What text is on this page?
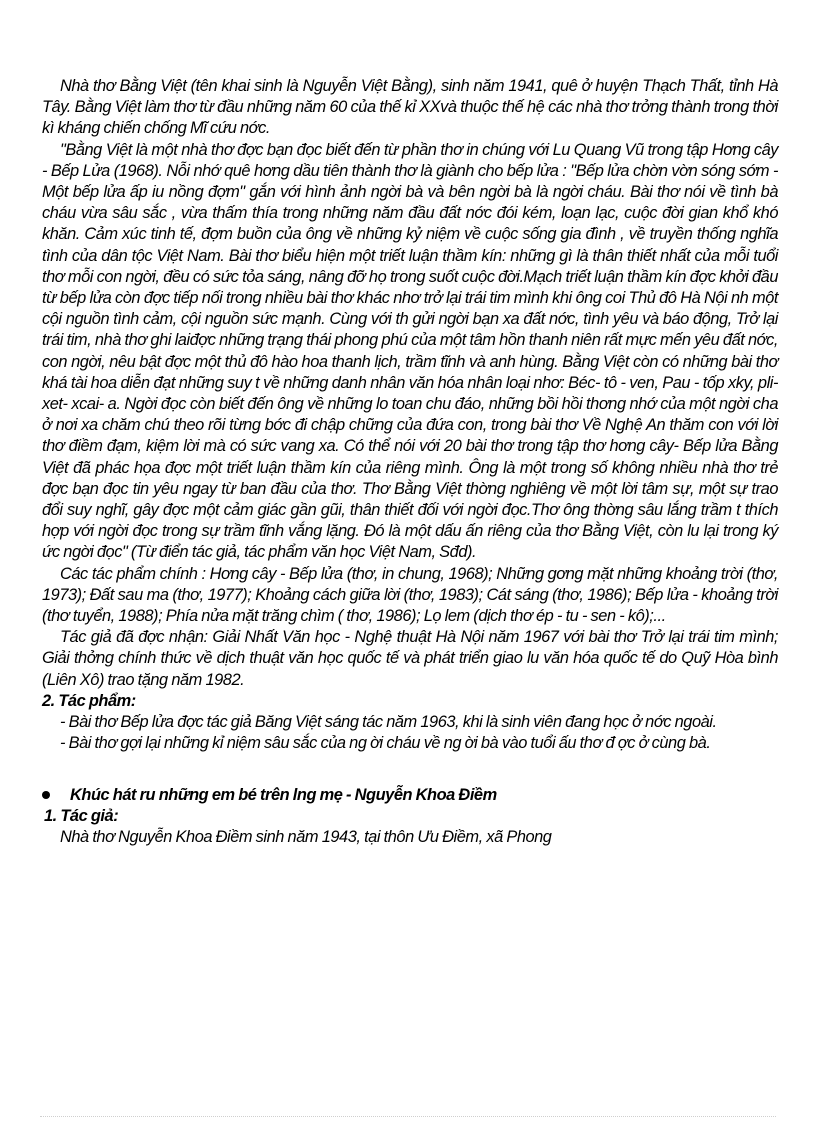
Nhà thơ Bằng Việt (tên khai sinh là Nguyễn Việt Bằng), sinh năm 1941, quê ở huyện Thạch Thất, tỉnh Hà Tây. Bằng Việt làm thơ từ đầu những năm 60 của thế kỉ XXvà thuộc thế hệ các nhà thơ trởng thành trong thời kì kháng chiến chống Mĩ cứu nớc.

"Bằng Việt là một nhà thơ đợc bạn đọc biết đến từ phần thơ in chúng với Lu Quang Vũ trong tập Hơng cây - Bếp Lửa (1968). Nỗi nhớ quê hơng dầu tiên thành thơ là giành cho bếp lửa : "Bếp lửa chờn vờn sóng sớm - Một bếp lửa ấp iu nồng đợm" gắn với hình ảnh ngời bà và bên ngời bà là ngời cháu. Bài thơ nói về tình bà cháu vừa sâu sắc , vừa thấm thía trong những năm đầu đất nớc đói kém, loạn lạc, cuộc đời gian khổ khó khăn. Cảm xúc tinh tế, đợm buồn của ông về những kỷ niệm về cuộc sống gia đình , về truyền thống nghĩa tình của dân tộc Việt Nam. Bài thơ biểu hiện một triết luận thầm kín: những gì là thân thiết nhất của mỗi tuổi thơ mỗi con ngời, đều có sức tỏa sáng, nâng đỡ họ trong suốt cuộc đời.Mạch triết luận thầm kín đợc khởi đầu từ bếp lửa còn đợc tiếp nối trong nhiều bài thơ khác nhơ trở lại trái tim mình khi ông coi Thủ đô Hà Nội nh một cội nguồn tình cảm, cội nguồn sức mạnh. Cùng với th gửi ngời bạn xa đất nớc, tình yêu và báo động, Trở lại trái tim, nhà thơ ghi laiđợc những trạng thái phong phú của một tâm hồn thanh niên rất mực mến yêu đất nớc, con ngời, nêu bật đợc một thủ đô hào hoa thanh lịch, trầm tĩnh và anh hùng. Bằng Việt còn có những bài thơ khá tài hoa diễn đạt những suy t về những danh nhân văn hóa nhân loại nhơ: Béc- tô - ven, Pau - tốp xky, pli- xet- xcai- a. Ngời đọc còn biết đến ông về những lo toan chu đáo, những bồi hồi thơng nhớ của một ngời cha ở nơi xa chăm chú theo rõi từng bớc đi chập chững của đứa con, trong bài thơ Về Nghệ An thăm con với lời thơ điềm đạm, kiệm lời mà có sức vang xa. Có thể nói với 20 bài thơ trong tập thơ hơng cây- Bếp lửa Bằng Việt đã phác họa đợc một triết luận thầm kín của riêng mình. Ông là một trong số không nhiều nhà thơ trẻ đợc bạn đọc tin yêu ngay từ ban đầu của thơ. Thơ Bằng Việt thờng nghiêng về một lời tâm sự, một sự trao đổi suy nghĩ, gây đợc một cảm giác gần gũi, thân thiết đối với ngời đọc.Thơ ông thờng sâu lắng trầm t thích hợp với ngời đọc trong sự trầm tĩnh vắng lặng. Đó là một dấu ấn riêng của thơ Bằng Việt, còn lu lại trong ký ức ngời đọc" (Từ điển tác giả, tác phẩm văn học Việt Nam, Sđd).

Các tác phẩm chính : Hơng cây - Bếp lửa (thơ, in chung, 1968); Những gơng mặt những khoảng trời (thơ, 1973); Đất sau ma (thơ, 1977); Khoảng cách giữa lời (thơ, 1983); Cát sáng (thơ, 1986); Bếp lửa - khoảng trời (thơ tuyển, 1988); Phía nửa mặt trăng chìm ( thơ, 1986); Lọ lem (dịch thơ ép - tu - sen - kô);...

Tác giả đã đợc nhận: Giải Nhất Văn học - Nghệ thuật Hà Nội năm 1967 với bài thơ Trở lại trái tim mình; Giải thởng chính thức về dịch thuật văn học quốc tế và phát triển giao lu văn hóa quốc tế do Quỹ Hòa bình (Liên Xô) trao tặng năm 1982.

2. Tác phẩm:

- Bài thơ Bếp lửa đợc tác giả Băng Việt sáng tác năm 1963, khi là sinh viên đang học ở nớc ngoài.

- Bài thơ gợi lại những kỉ niệm sâu sắc của ng ời cháu về ng ời bà vào tuổi ấu thơ đ ợc ở cùng bà.

Khúc hát ru những em bé trên lng mẹ - Nguyễn Khoa Điềm

1. Tác giả:

Nhà thơ Nguyễn Khoa Điềm sinh năm 1943, tại thôn Ưu Điềm, xã Phong
